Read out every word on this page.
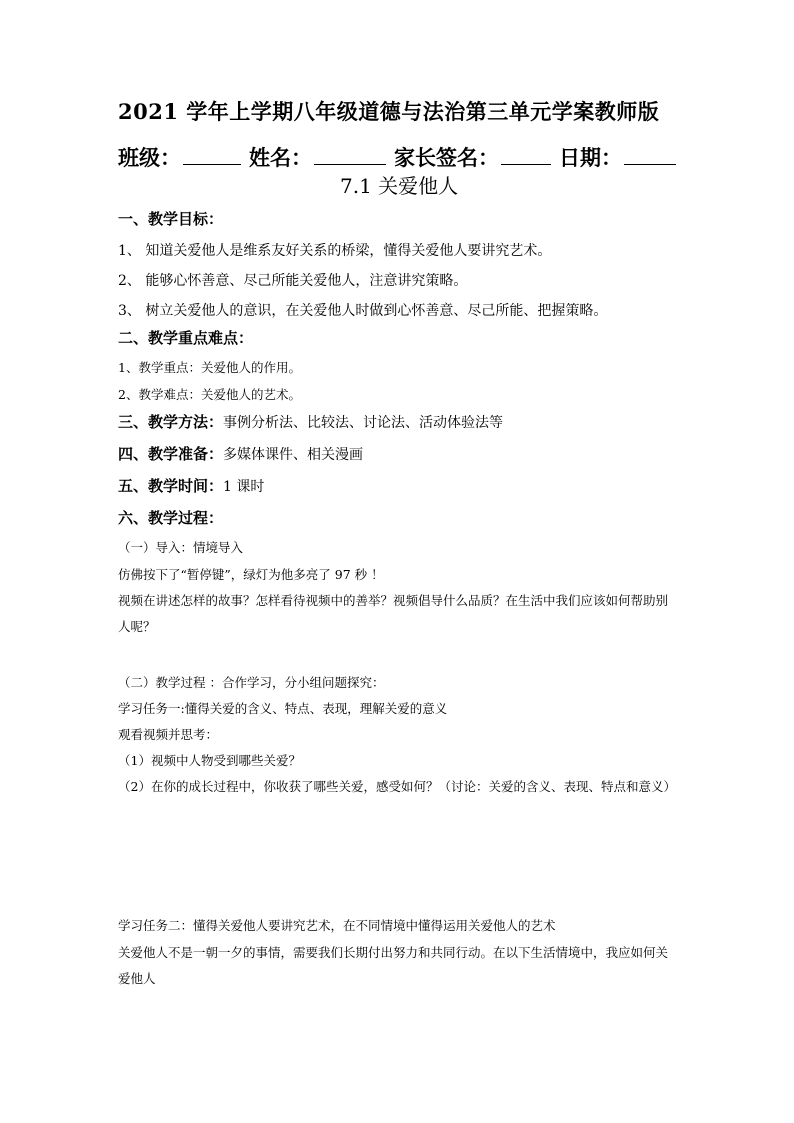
2021 学年上学期八年级道德与法治第三单元学案教师版
班级：	姓名：	家长签名：	日期：
7.1 关爱他人
一、教学目标：
1、 知道关爱他人是维系友好关系的桥梁，懂得关爱他人要讲究艺术。
2、 能够心怀善意、尽己所能关爱他人，注意讲究策略。
3、 树立关爱他人的意识，在关爱他人时做到心怀善意、尽己所能、把握策略。
二、教学重点难点：
1、教学重点：关爱他人的作用。
2、教学难点：关爱他人的艺术。
三、教学方法：事例分析法、比较法、讨论法、活动体验法等
四、教学准备：多媒体课件、相关漫画
五、教学时间：1 课时
六、教学过程：
（一）导入：情境导入
仿佛按下了“暂停键”，绿灯为他多亮了 97 秒 ！
视频在讲述怎样的故事？怎样看待视频中的善举？视频倡导什么品质？在生活中我们应该如何帮助别人呢？
（二）教学过程 ：合作学习，分小组问题探究：
学习任务一:懂得关爱的含义、特点、表现，理解关爱的意义
观看视频并思考：
（1）视频中人物受到哪些关爱？
（2）在你的成长过程中，你收获了哪些关爱，感受如何？（讨论：关爱的含义、表现、特点和意义）
学习任务二：懂得关爱他人要讲究艺术，在不同情境中懂得运用关爱他人的艺术
关爱他人不是一朝一夕的事情，需要我们长期付出努力和共同行动。在以下生活情境中，我应如何关爱他人
